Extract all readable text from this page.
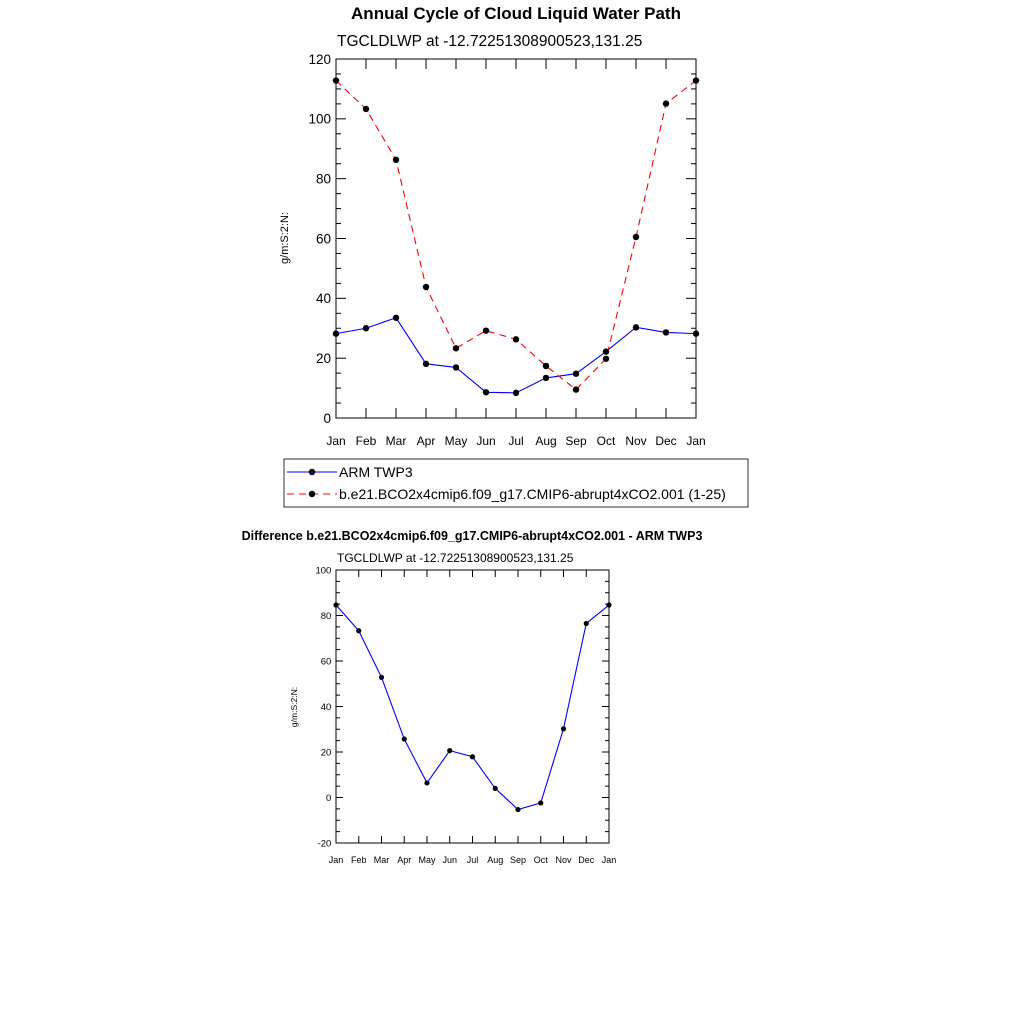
Annual Cycle of Cloud Liquid Water Path
TGCLDLWP at -12.72251308900523,131.25
g/m:S:2:N:
Jan Feb Mar Apr May Jun Jul Aug Sep Oct Nov Dec Jan
0
20
40
60
80
100
120
ARM TWP3
b.e21.BCO2x4cmip6.f09_g17.CMIP6-abrupt4xCO2.001 (1-25)
Difference b.e21.BCO2x4cmip6.f09_g17.CMIP6-abrupt4xCO2.001 - ARM TWP3
TGCLDLWP at -12.72251308900523,131.25
g/m:S:2:N:
Jan Feb Mar Apr May Jun Jul Aug Sep Oct Nov Dec Jan
-20
0
20
40
60
80
100
